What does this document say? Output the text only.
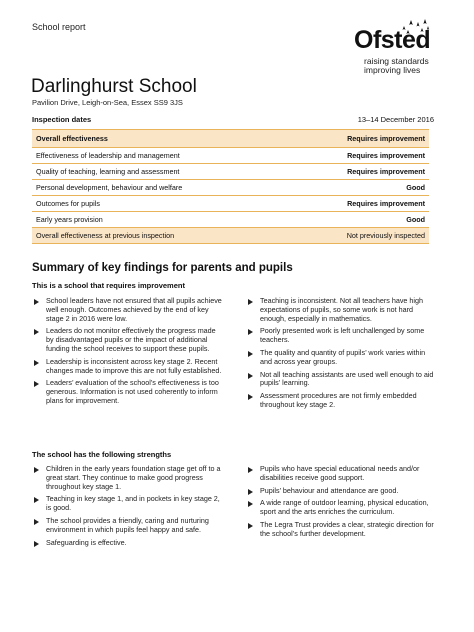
School report	Ofsted
raising standards
improving lives
Darlinghurst School
Pavilion Drive, Leigh-on-Sea, Essex SS9 3JS
Inspection dates	13–14 December 2016
Overall effectiveness	Requires improvement
Effectiveness of leadership and management	Requires improvement
Quality of teaching, learning and assessment	Requires improvement
Personal development, behaviour and welfare	Good
Outcomes for pupils	Requires improvement
Early years provision	Good
Overall effectiveness at previous inspection	Not previously inspected
Summary of key findings for parents and pupils
This is a school that requires improvement
School leaders have not ensured that all pupils achieve well enough. Outcomes achieved by the end of key stage 2 in 2016 were low.
Leaders do not monitor effectively the progress made by disadvantaged pupils or the impact of additional funding the school receives to support these pupils.
Leadership is inconsistent across key stage 2. Recent changes made to improve this are not fully established.
Leaders’ evaluation of the school’s effectiveness is too generous. Information is not used coherently to inform plans for improvement.
Teaching is inconsistent. Not all teachers have high expectations of pupils, so some work is not hard enough, especially in mathematics.
Poorly presented work is left unchallenged by some teachers.
The quality and quantity of pupils’ work varies within and across year groups.
Not all teaching assistants are used well enough to aid pupils’ learning.
Assessment procedures are not firmly embedded throughout key stage 2.
The school has the following strengths
Children in the early years foundation stage get off to a great start. They continue to make good progress throughout key stage 1.
Teaching in key stage 1, and in pockets in key stage 2, is good.
The school provides a friendly, caring and nurturing environment in which pupils feel happy and safe.
Safeguarding is effective.
Pupils who have special educational needs and/or disabilities receive good support.
Pupils’ behaviour and attendance are good.
A wide range of outdoor learning, physical education, sport and the arts enriches the curriculum.
The Legra Trust provides a clear, strategic direction for the school’s further development.
